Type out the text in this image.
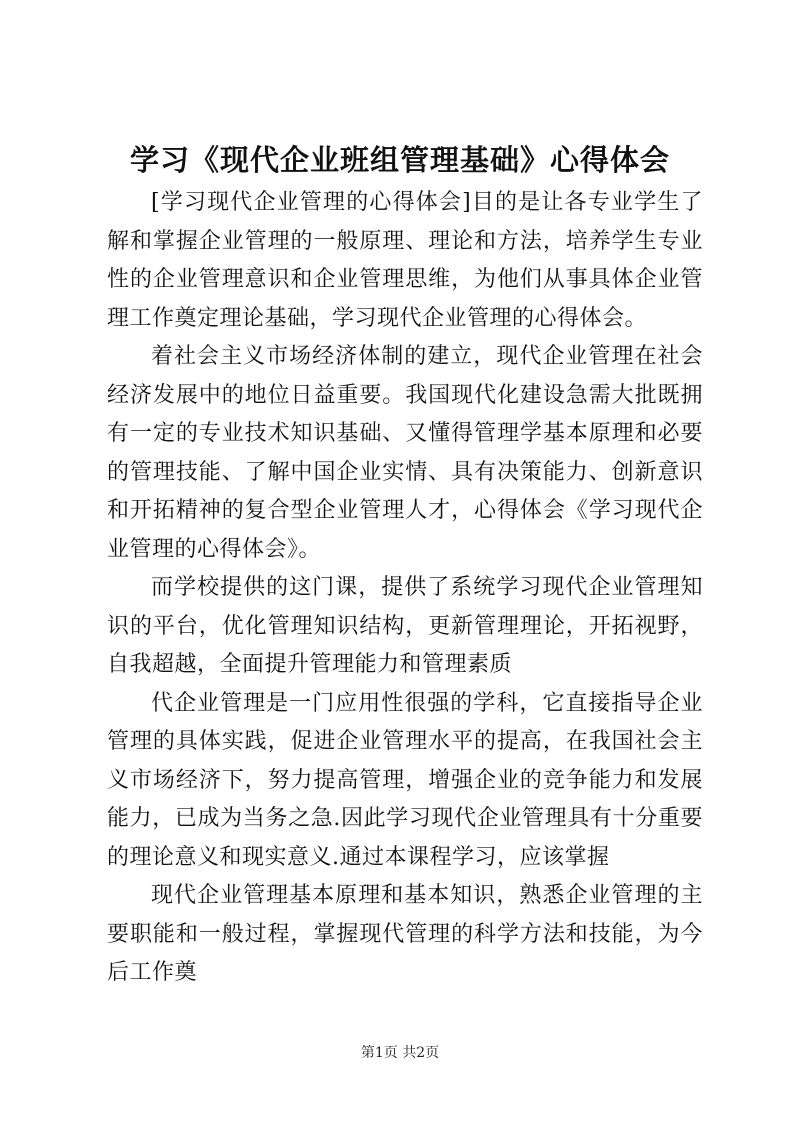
学习《现代企业班组管理基础》心得体会

[学习现代企业管理的心得体会]目的是让各专业学生了解和掌握企业管理的一般原理、理论和方法，培养学生专业性的企业管理意识和企业管理思维，为他们从事具体企业管理工作奠定理论基础，学习现代企业管理的心得体会。

着社会主义市场经济体制的建立，现代企业管理在社会经济发展中的地位日益重要。我国现代化建设急需大批既拥有一定的专业技术知识基础、又懂得管理学基本原理和必要的管理技能、了解中国企业实情、具有决策能力、创新意识和开拓精神的复合型企业管理人才，心得体会《学习现代企业管理的心得体会》。

而学校提供的这门课，提供了系统学习现代企业管理知识的平台，优化管理知识结构，更新管理理论，开拓视野，自我超越，全面提升管理能力和管理素质

代企业管理是一门应用性很强的学科，它直接指导企业管理的具体实践，促进企业管理水平的提高，在我国社会主义市场经济下，努力提高管理，增强企业的竞争能力和发展能力，已成为当务之急.因此学习现代企业管理具有十分重要的理论意义和现实意义.通过本课程学习，应该掌握

现代企业管理基本原理和基本知识，熟悉企业管理的主要职能和一般过程，掌握现代管理的科学方法和技能，为今后工作奠

第1页 共2页
